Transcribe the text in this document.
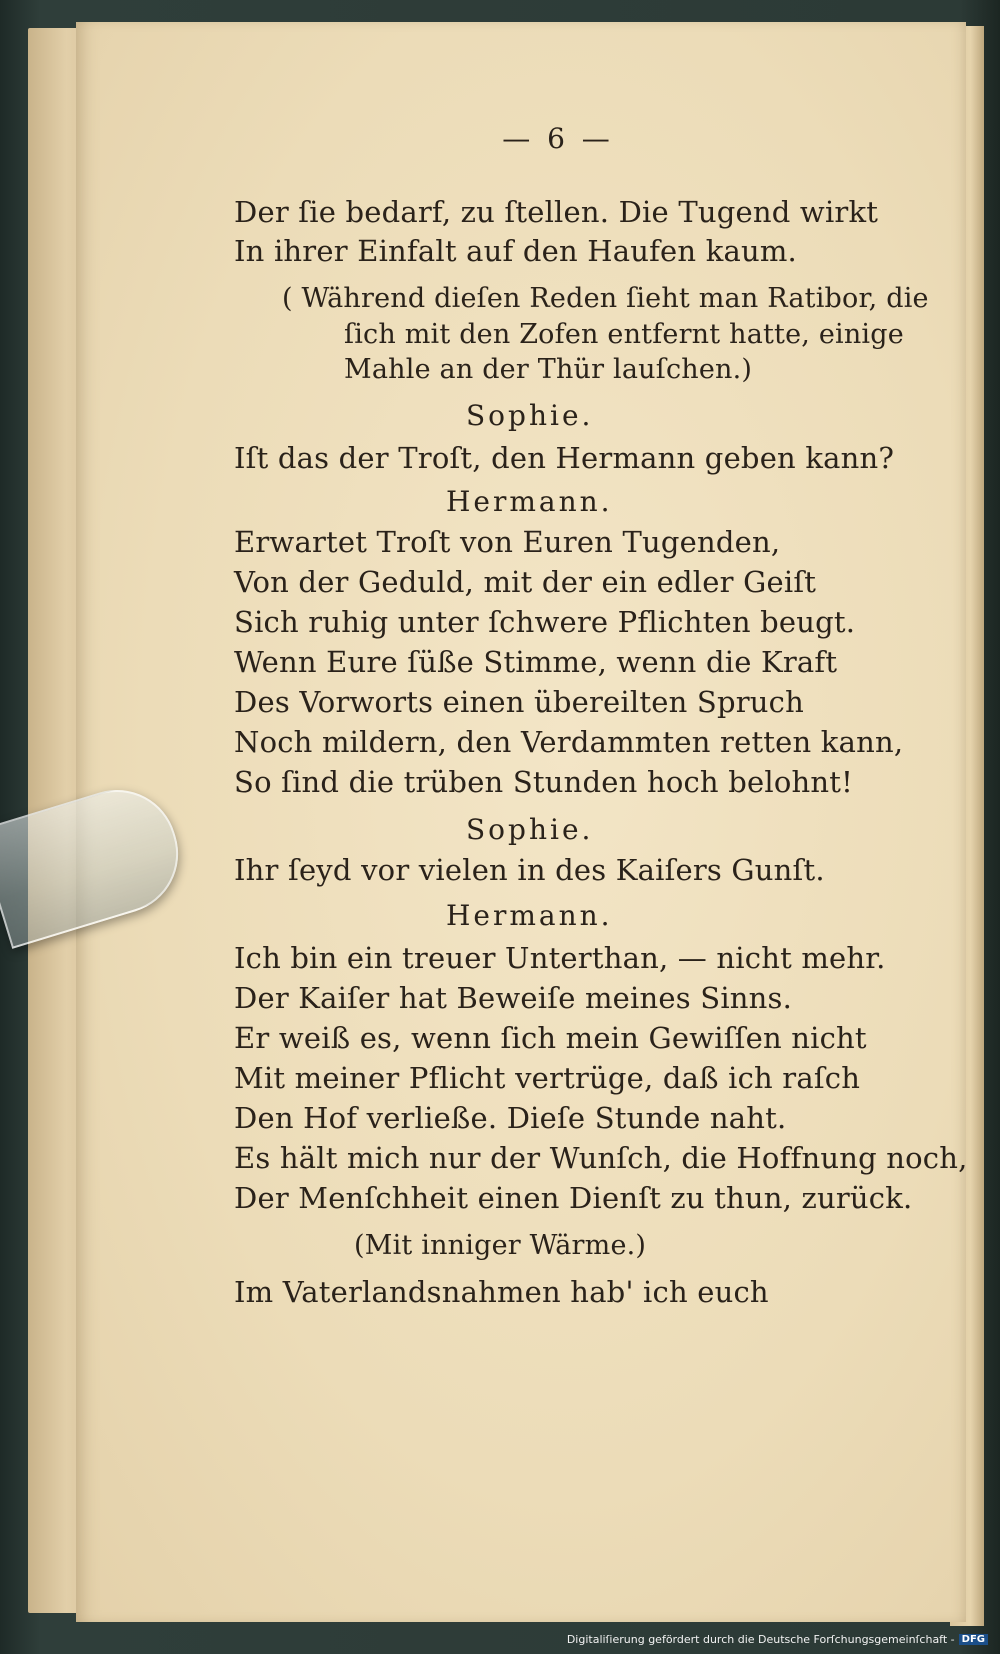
— 6 —
Der ſie bedarf, zu ſtellen. Die Tugend wirkt
In ihrer Einfalt auf den Haufen kaum.
( Während dieſen Reden ſieht man Ratibor, die
ſich mit den Zofen entfernt hatte, einige
Mahle an der Thür lauſchen.)
Sophie.
Iſt das der Troſt, den Hermann geben kann?
Hermann.
Erwartet Troſt von Euren Tugenden,
Von der Geduld, mit der ein edler Geiſt
Sich ruhig unter ſchwere Pflichten beugt.
Wenn Eure ſüße Stimme, wenn die Kraft
Des Vorworts einen übereilten Spruch
Noch mildern, den Verdammten retten kann,
So ſind die trüben Stunden hoch belohnt!
Sophie.
Ihr ſeyd vor vielen in des Kaiſers Gunſt.
Hermann.
Ich bin ein treuer Unterthan, — nicht mehr.
Der Kaiſer hat Beweiſe meines Sinns.
Er weiß es, wenn ſich mein Gewiſſen nicht
Mit meiner Pflicht vertrüge, daß ich raſch
Den Hof verließe. Dieſe Stunde naht.
Es hält mich nur der Wunſch, die Hoffnung noch,
Der Menſchheit einen Dienſt zu thun, zurück.
(Mit inniger Wärme.)
Im Vaterlandsnahmen hab' ich euch
Digitaliſierung gefördert durch die Deutsche Forſchungsgemeinſchaft - DFG
